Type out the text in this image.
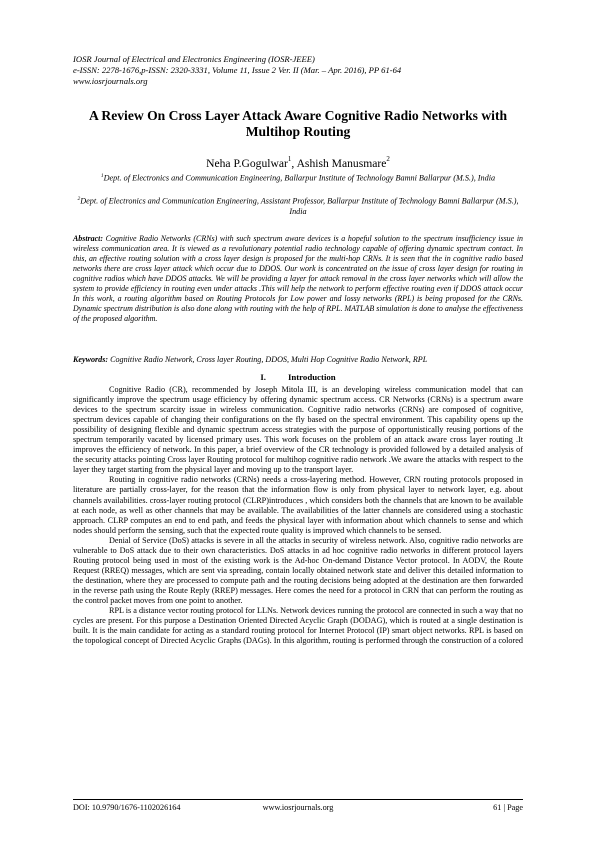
IOSR Journal of Electrical and Electronics Engineering (IOSR-JEEE)
e-ISSN: 2278-1676,p-ISSN: 2320-3331, Volume 11, Issue 2 Ver. II (Mar. – Apr. 2016), PP 61-64
www.iosrjournals.org
A Review On Cross Layer Attack Aware Cognitive Radio Networks with Multihop Routing
Neha P.Gogulwar$^1$, Ashish Manusmare$^2$
$^1$Dept. of Electronics and Communication Engineering, Ballarpur Institute of Technology Bamni Ballarpur (M.S.), India
$^2$Dept. of Electronics and Communication Engineering, Assistant Professor, Ballarpur Institute of Technology Bamni Ballarpur (M.S.), India
Abstract: Cognitive Radio Networks (CRNs) with such spectrum aware devices is a hopeful solution to the spectrum insufficiency issue in wireless communication area. It is viewed as a revolutionary potential radio technology capable of offering dynamic spectrum contact. In this, an effective routing solution with a cross layer design is proposed for the multi-hop CRNs. It is seen that the in cognitive radio based networks there are cross layer attack which occur due to DDOS. Our work is concentrated on the issue of cross layer design for routing in cognitive radios which have DDOS attacks. We will be providing a layer for attack removal in the cross layer networks which will allow the system to provide efficiency in routing even under attacks .This will help the network to perform effective routing even if DDOS attack occur In this work, a routing algorithm based on Routing Protocols for Low power and lossy networks (RPL) is being proposed for the CRNs. Dynamic spectrum distribution is also done along with routing with the help of RPL. MATLAB simulation is done to analyse the effectiveness of the proposed algorithm.
Keywords: Cognitive Radio Network, Cross layer Routing, DDOS, Multi Hop Cognitive Radio Network, RPL
I.	Introduction

Cognitive Radio (CR), recommended by Joseph Mitola III, is an developing wireless communication model that can significantly improve the spectrum usage efficiency by offering dynamic spectrum access. CR Networks (CRNs) is a spectrum aware devices to the spectrum scarcity issue in wireless communication. Cognitive radio networks (CRNs) are composed of cognitive, spectrum devices capable of changing their configurations on the fly based on the spectral environment. This capability opens up the possibility of designing flexible and dynamic spectrum access strategies with the purpose of opportunistically reusing portions of the spectrum temporarily vacated by licensed primary uses. This work focuses on the problem of an attack aware cross layer routing .It improves the efficiency of network. In this paper, a brief overview of the CR technology is provided followed by a detailed analysis of the security attacks pointing Cross layer Routing protocol for multihop cognitive radio network .We aware the attacks with respect to the layer they target starting from the physical layer and moving up to the transport layer.

Routing in cognitive radio networks (CRNs) needs a cross-layering method. However, CRN routing protocols proposed in literature are partially cross-layer, for the reason that the information flow is only from physical layer to network layer, e.g. about channels availabilities. cross-layer routing protocol (CLRP)introduces , which considers both the channels that are known to be available at each node, as well as other channels that may be available. The availabilities of the latter channels are considered using a stochastic approach. CLRP computes an end to end path, and feeds the physical layer with information about which channels to sense and which nodes should perform the sensing, such that the expected route quality is improved which channels to be sensed.

Denial of Service (DoS) attacks is severe in all the attacks in security of wireless network. Also, cognitive radio networks are vulnerable to DoS attack due to their own characteristics. DoS attacks in ad hoc cognitive radio networks in different protocol layers Routing protocol being used in most of the existing work is the Ad-hoc On-demand Distance Vector protocol. In AODV, the Route Request (RREQ) messages, which are sent via spreading, contain locally obtained network state and deliver this detailed information to the destination, where they are processed to compute path and the routing decisions being adopted at the destination are then forwarded in the reverse path using the Route Reply (RREP) messages. Here comes the need for a protocol in CRN that can perform the routing as the control packet moves from one point to another.

RPL is a distance vector routing protocol for LLNs. Network devices running the protocol are connected in such a way that no cycles are present. For this purpose a Destination Oriented Directed Acyclic Graph (DODAG), which is routed at a single destination is built. It is the main candidate for acting as a standard routing protocol for Internet Protocol (IP) smart object networks. RPL is based on the topological concept of Directed Acyclic Graphs (DAGs). In this algorithm, routing is performed through the construction of a colored

DOI: 10.9790/1676-1102026164	www.iosrjournals.org	61 | Page
